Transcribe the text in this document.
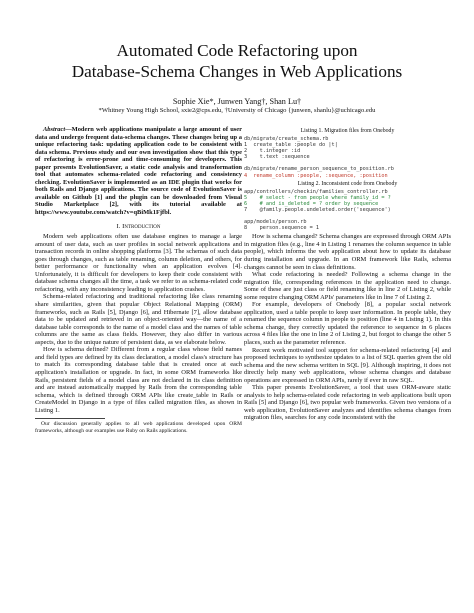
Automated Code Refactoring upon
Database-Schema Changes in Web Applications
Sophie Xie*, Junwen Yang†, Shan Lu†
*Whitney Young High School, sxie2@cps.edu, †University of Chicago {junwen, shanlu}@uchicago.edu

Abstract—Modern web applications manipulate a large amount of user data and undergo frequent data-schema changes. These changes bring up a unique refactoring task: updating application code to be consistent with data schema. Previous study and our own investigation show that this type of refactoring is error-prone and time-consuming for developers. This paper presents EvolutionSaver, a static code analysis and transformation tool that automates schema-related code refactoring and consistency checking. EvolutionSaver is implemented as an IDE plugin that works for both Rails and Django applications. The source code of EvolutionSaver is available on Github [1] and the plugin can be downloaded from Visual Studio Marketplace [2], with its tutorial available at https://www.youtube.com/watch?v=qBiMk1Fjfbl.

I. Introduction

Modern web applications often use database engines to manage a large amount of user data, such as user profiles in social network applications and transaction records in online shopping platforms [3]. The schemas of such data goes through changes, such as table renaming, column deletion, and others, for better performance or functionality when an application evolves [4]. Unfortunately, it is difficult for developers to keep their code consistent with database schema changes all the time, a task we refer to as schema-related code refactoring, with any inconsistency leading to application crashes.

Schema-related refactoring and traditional refactoring like class renaming share similarities, given that popular Object Relational Mapping (ORM) frameworks, such as Rails [5], Django [6], and Hibernate [7], allow database data to be updated and retrieved in an object-oriented way—the name of a database table corresponds to the name of a model class and the names of table columns are the same as class fields. However, they also differ in various aspects, due to the unique nature of persistent data, as we elaborate below.

How is schema defined? Different from a regular class whose field names and field types are defined by its class declaration, a model class's structure has to match its corresponding database table that is created once at each application's installation or upgrade. In fact, in some ORM frameworks like Rails, persistent fields of a model class are not declared in its class definition and are instead automatically mapped by Rails from the corresponding table schema, which is defined through ORM APIs like create_table in Rails or CreateModel in Django in a type of files called migration files, as shown in Listing 1.

Our discussion generally applies to all web applications developed upon ORM frameworks, although our examples use Ruby on Rails applications.

Listing 1. Migration files from Onebody
db/migrate/create_schema.rb
1  create_table :people do |t|
2    t.integer :id
3    t.text :sequence

db/migrate/rename_person_sequence_to_position.rb
4  rename_column :people, :sequence, :position
Listing 2. Inconsistent code from Onebody
app/controllers/checkin/families_controller.rb
5    # select - from people where family_id = ?
6    # and is_deleted = ? order by sequence
7    @family.people.undeleted.order('sequence')

app/models/person.rb
8    person.sequence = 1

How is schema changed? Schema changes are expressed through ORM APIs in migration files (e.g., line 4 in Listing 1 renames the column sequence in table people), which informs the web application about how to update its database during installation and upgrade. In an ORM framework like Rails, schema changes cannot be seen in class definitions.

What code refactoring is needed? Following a schema change in the migration file, corresponding references in the application need to change. Some of these are just class or field renaming like in line 2 of Listing 2, while some require changing ORM APIs' parameters like in line 7 of Listing 2.

For example, developers of Onebody [8], a popular social network application, used a table people to keep user information. In people table, they renamed the sequence column in people to position (line 4 in Listing 1). In this schema change, they correctly updated the reference to sequence in 6 places across 4 files like the one in line 2 of Listing 2, but forgot to change the other 5 places, such as the parameter reference.

Recent work motivated tool support for schema-related refactoring [4] and proposed techniques to synthesize updates to a list of SQL queries given the old schema and the new schema written in SQL [9]. Although inspiring, it does not directly help many web applications, whose schema changes and database operations are expressed in ORM APIs, rarely if ever in raw SQL.

This paper presents EvolutionSaver, a tool that uses ORM-aware static analysis to help schema-related code refactoring in web applications built upon Rails [5] and Django [6], two popular web frameworks. Given two versions of a web application, EvolutionSaver analyzes and identifies schema changes from migration files, searches for any code inconsistent with the
